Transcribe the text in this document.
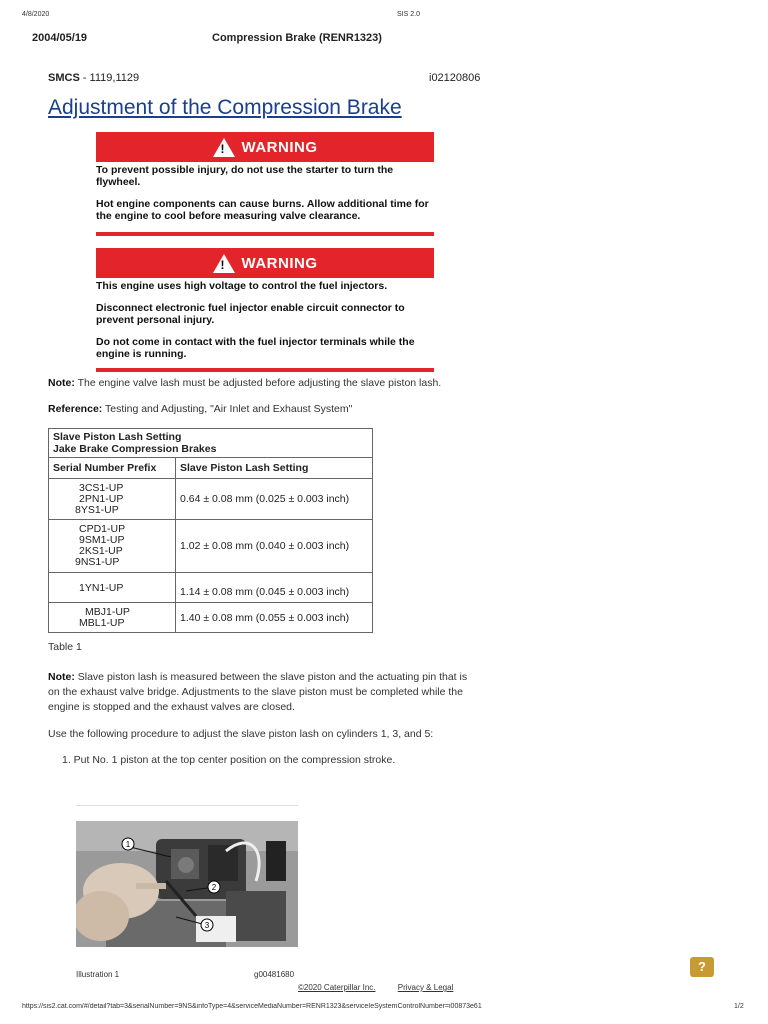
4/8/2020	SIS 2.0
2004/05/19	Compression Brake (RENR1323)
SMCS - 1119,1129	i02120806
Adjustment of the Compression Brake
! WARNING

To prevent possible injury, do not use the starter to turn the flywheel.

Hot engine components can cause burns. Allow additional time for the engine to cool before measuring valve clearance.

! WARNING

This engine uses high voltage to control the fuel injectors.

Disconnect electronic fuel injector enable circuit connector to prevent personal injury.

Do not come in contact with the fuel injector terminals while the engine is running.

Note: The engine valve lash must be adjusted before adjusting the slave piston lash.
Reference: Testing and Adjusting, "Air Inlet and Exhaust System"
Slave Piston Lash Setting
Jake Brake Compression Brakes	

Serial Number Prefix	Slave Piston Lash Setting

3CS1-UP
2PN1-UP
8YS1-UP	0.64 ± 0.08 mm (0.025 ± 0.003 inch)

CPD1-UP
9SM1-UP
2KS1-UP
9NS1-UP	1.02 ± 0.08 mm (0.040 ± 0.003 inch)

1YN1-UP	1.14 ± 0.08 mm (0.045 ± 0.003 inch)

MBJ1-UP
MBL1-UP	1.40 ± 0.08 mm (0.055 ± 0.003 inch)
Table 1
Note: Slave piston lash is measured between the slave piston and the actuating pin that is on the exhaust valve bridge. Adjustments to the slave piston must be completed while the engine is stopped and the exhaust valves are closed.
Use the following procedure to adjust the slave piston lash on cylinders 1, 3, and 5:
1. Put No. 1 piston at the top center position on the compression stroke.
1
2
3
Illustration 1	g00481680
©2020 Caterpillar Inc.	Privacy & Legal
?
https://sis2.cat.com/#/detail?tab=3&serialNumber=9NS&infoType=4&serviceMediaNumber=RENR1323&serviceIeSystemControlNumber=i00873e61	1/2
